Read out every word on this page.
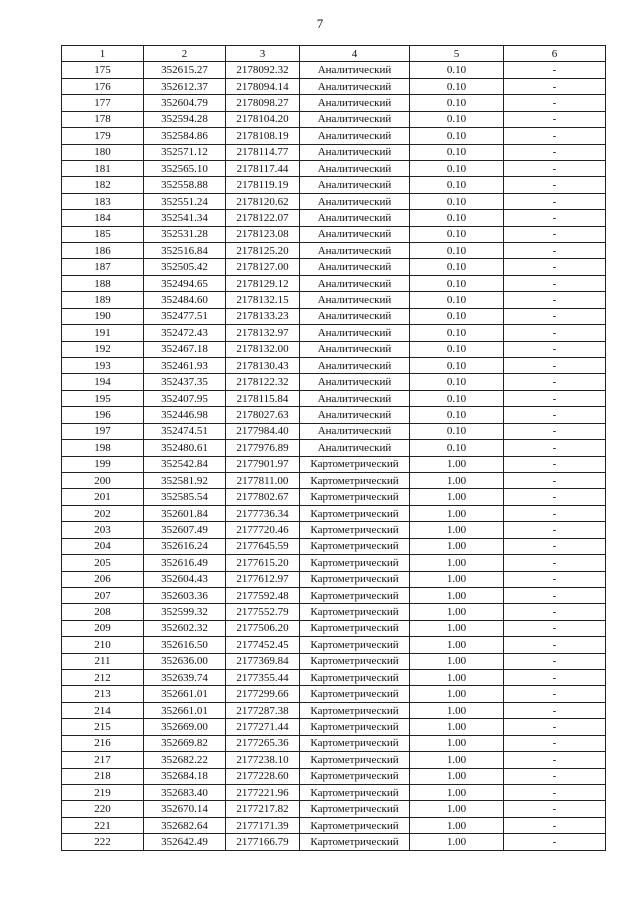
7
1	2	3	4	5	6
175	352615.27	2178092.32	Аналитический	0.10	-
176	352612.37	2178094.14	Аналитический	0.10	-
177	352604.79	2178098.27	Аналитический	0.10	-
178	352594.28	2178104.20	Аналитический	0.10	-
179	352584.86	2178108.19	Аналитический	0.10	-
180	352571.12	2178114.77	Аналитический	0.10	-
181	352565.10	2178117.44	Аналитический	0.10	-
182	352558.88	2178119.19	Аналитический	0.10	-
183	352551.24	2178120.62	Аналитический	0.10	-
184	352541.34	2178122.07	Аналитический	0.10	-
185	352531.28	2178123.08	Аналитический	0.10	-
186	352516.84	2178125.20	Аналитический	0.10	-
187	352505.42	2178127.00	Аналитический	0.10	-
188	352494.65	2178129.12	Аналитический	0.10	-
189	352484.60	2178132.15	Аналитический	0.10	-
190	352477.51	2178133.23	Аналитический	0.10	-
191	352472.43	2178132.97	Аналитический	0.10	-
192	352467.18	2178132.00	Аналитический	0.10	-
193	352461.93	2178130.43	Аналитический	0.10	-
194	352437.35	2178122.32	Аналитический	0.10	-
195	352407.95	2178115.84	Аналитический	0.10	-
196	352446.98	2178027.63	Аналитический	0.10	-
197	352474.51	2177984.40	Аналитический	0.10	-
198	352480.61	2177976.89	Аналитический	0.10	-
199	352542.84	2177901.97	Картометрический	1.00	-
200	352581.92	2177811.00	Картометрический	1.00	-
201	352585.54	2177802.67	Картометрический	1.00	-
202	352601.84	2177736.34	Картометрический	1.00	-
203	352607.49	2177720.46	Картометрический	1.00	-
204	352616.24	2177645.59	Картометрический	1.00	-
205	352616.49	2177615.20	Картометрический	1.00	-
206	352604.43	2177612.97	Картометрический	1.00	-
207	352603.36	2177592.48	Картометрический	1.00	-
208	352599.32	2177552.79	Картометрический	1.00	-
209	352602.32	2177506.20	Картометрический	1.00	-
210	352616.50	2177452.45	Картометрический	1.00	-
211	352636.00	2177369.84	Картометрический	1.00	-
212	352639.74	2177355.44	Картометрический	1.00	-
213	352661.01	2177299.66	Картометрический	1.00	-
214	352661.01	2177287.38	Картометрический	1.00	-
215	352669.00	2177271.44	Картометрический	1.00	-
216	352669.82	2177265.36	Картометрический	1.00	-
217	352682.22	2177238.10	Картометрический	1.00	-
218	352684.18	2177228.60	Картометрический	1.00	-
219	352683.40	2177221.96	Картометрический	1.00	-
220	352670.14	2177217.82	Картометрический	1.00	-
221	352682.64	2177171.39	Картометрический	1.00	-
222	352642.49	2177166.79	Картометрический	1.00	-
